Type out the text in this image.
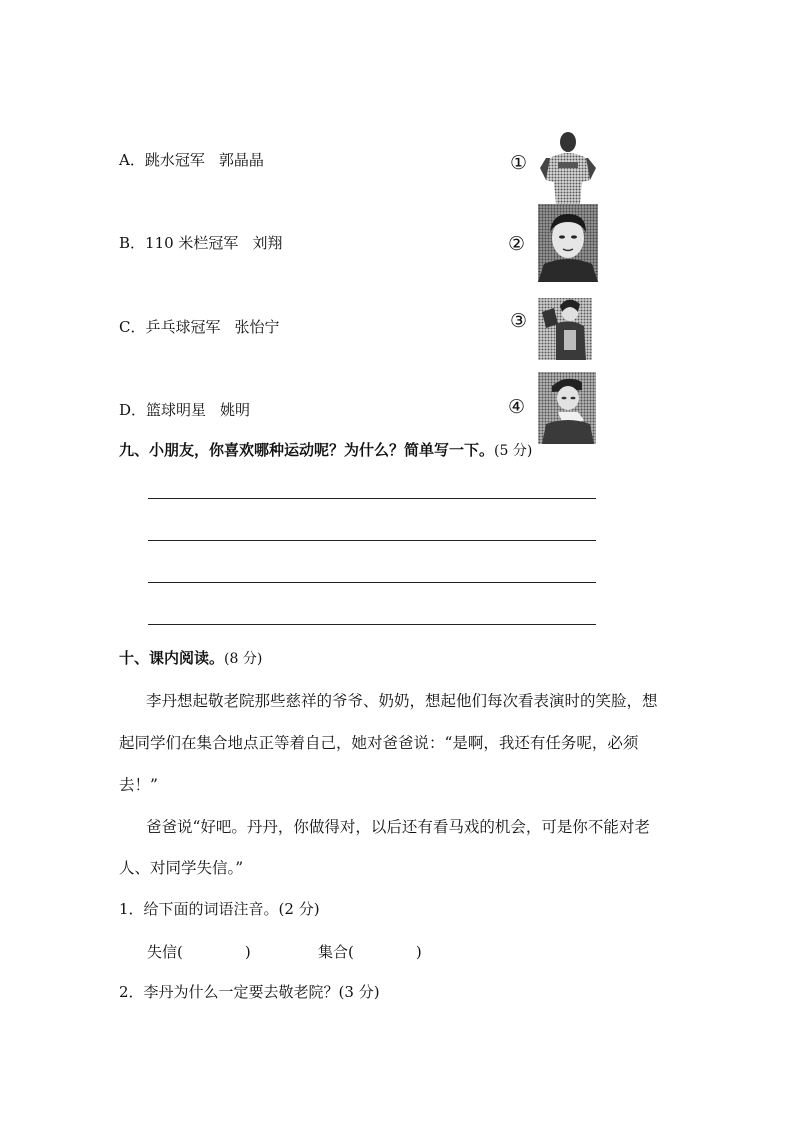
A．跳水冠军 郭晶晶
B．110 米栏冠军 刘翔
C．乒乓球冠军 张怡宁
D．篮球明星 姚明
①
②
③
④
九、小朋友，你喜欢哪种运动呢？为什么？简单写一下。(5 分)
十、课内阅读。(8 分)
李丹想起敬老院那些慈祥的爷爷、奶奶，想起他们每次看表演时的笑脸，想
起同学们在集合地点正等着自己，她对爸爸说：“是啊，我还有任务呢，必须
去！”
爸爸说“好吧。丹丹，你做得对，以后还有看马戏的机会，可是你不能对老
人、对同学失信。”
1．给下面的词语注音。(2 分)
失信(	)	集合(	)
2．李丹为什么一定要去敬老院？(3 分)
